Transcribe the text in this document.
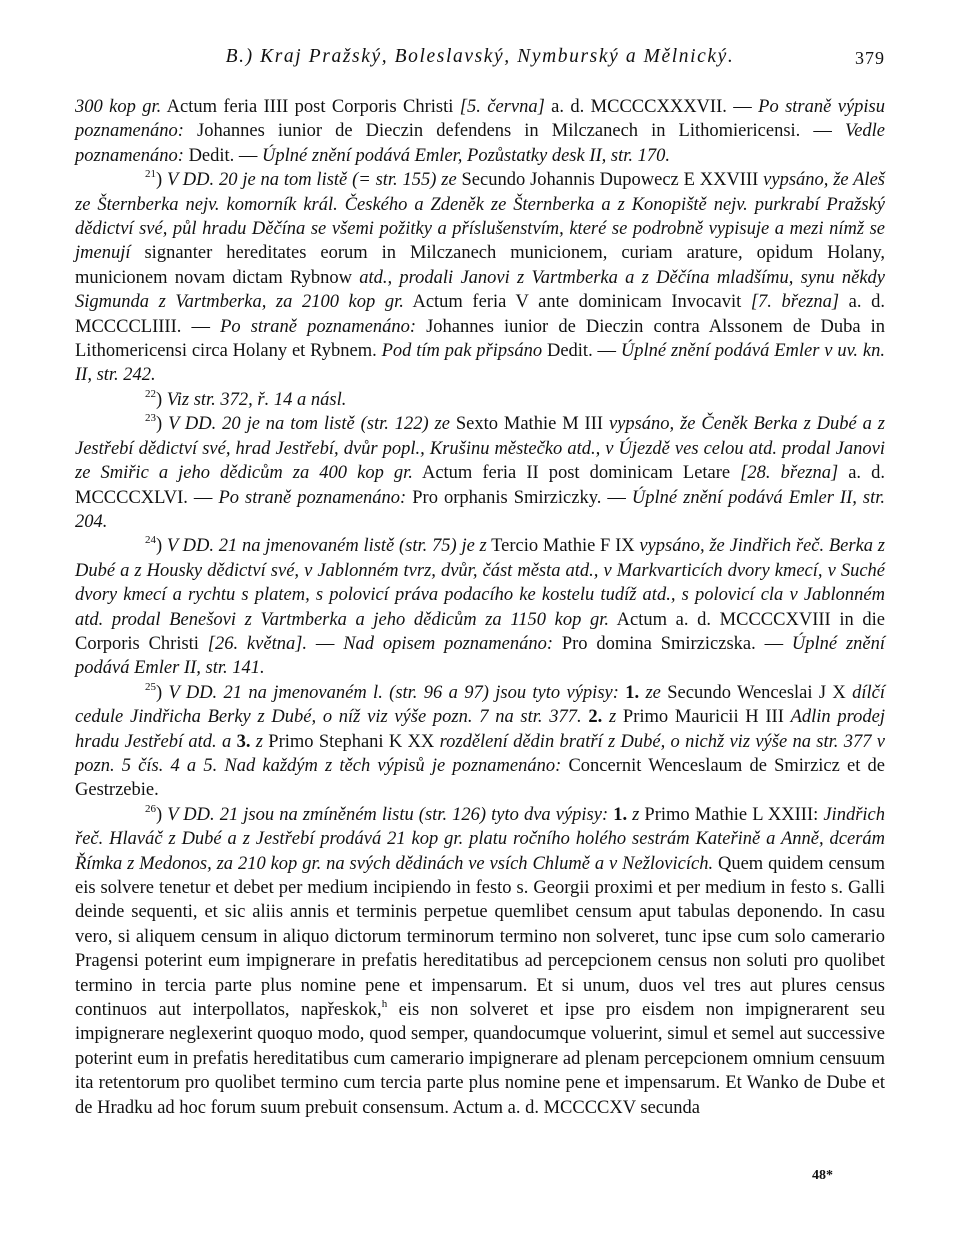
B.) Kraj Pražský, Boleslavský, Nymburský a Mělnický.	379

300 kop gr. Actum feria IIII post Corporis Christi [5. června] a. d. MCCCCXXXVII. — Po straně výpisu poznamenáno: Johannes iunior de Dieczin defendens in Milczanech in Lithomiericensi. — Vedle poznamenáno: Dedit. — Úplné znění podává Emler, Pozůstatky desk II, str. 170.

$^{21}$) V DD. 20 je na tom listě (= str. 155) ze Secundo Johannis Dupowecz E XXVIII vypsáno, že Aleš ze Šternberka nejv. komorník král. Českého a Zdeněk ze Šternberka a z Konopiště nejv. purkrabí Pražský dědictví své, půl hradu Děčína se všemi požitky a příslušenstvím, které se podrobně vypisuje a mezi nímž se jmenují signanter hereditates eorum in Milczanech municionem, curiam arature, opidum Holany, municionem novam dictam Rybnow atd., prodali Janovi z Vartmberka a z Děčína mladšímu, synu někdy Sigmunda z Vartmberka, za 2100 kop gr. Actum feria V ante dominicam Invocavit [7. března] a. d. MCCCCLIIII. — Po straně poznamenáno: Johannes iunior de Dieczin contra Alssonem de Duba in Lithomericensi circa Holany et Rybnem. Pod tím pak připsáno Dedit. — Úplné znění podává Emler v uv. kn. II, str. 242.

$^{22}$) Viz str. 372, ř. 14 a násl.

$^{23}$) V DD. 20 je na tom listě (str. 122) ze Sexto Mathie M III vypsáno, že Čeněk Berka z Dubé a z Jestřebí dědictví své, hrad Jestřebí, dvůr popl., Krušinu městečko atd., v Újezdě ves celou atd. prodal Janovi ze Smiřic a jeho dědicům za 400 kop gr. Actum feria II post dominicam Letare [28. března] a. d. MCCCCXLVI. — Po straně poznamenáno: Pro orphanis Smirziczky. — Úplné znění podává Emler II, str. 204.

$^{24}$) V DD. 21 na jmenovaném listě (str. 75) je z Tercio Mathie F IX vypsáno, že Jindřich řeč. Berka z Dubé a z Housky dědictví své, v Jablonném tvrz, dvůr, část města atd., v Markvarticích dvory kmecí, v Suché dvory kmecí a rychtu s platem, s polovicí práva podacího ke kostelu tudíž atd., s polovicí cla v Jablonném atd. prodal Benešovi z Vartmberka a jeho dědicům za 1150 kop gr. Actum a. d. MCCCCXVIII in die Corporis Christi [26. května]. — Nad opisem poznamenáno: Pro domina Smirziczska. — Úplné znění podává Emler II, str. 141.

$^{25}$) V DD. 21 na jmenovaném l. (str. 96 a 97) jsou tyto výpisy: 1. ze Secundo Wenceslai J X dílčí cedule Jindřicha Berky z Dubé, o níž viz výše pozn. 7 na str. 377. 2. z Primo Mauricii H III Adlin prodej hradu Jestřebí atd. a 3. z Primo Stephani K XX rozdělení dědin bratří z Dubé, o nichž viz výše na str. 377 v pozn. 5 čís. 4 a 5. Nad každým z těch výpisů je poznamenáno: Concernit Wenceslaum de Smirzicz et de Gestrzebie.

$^{26}$) V DD. 21 jsou na zmíněném listu (str. 126) tyto dva výpisy: 1. z Primo Mathie L XXIII: Jindřich řeč. Hlaváč z Dubé a z Jestřebí prodává 21 kop gr. platu ročního holého sestrám Kateřině a Anně, dcerám Římka z Medonos, za 210 kop gr. na svých dědinách ve vsích Chlumě a v Nežlovicích. Quem quidem censum eis solvere tenetur et debet per medium incipiendo in festo s. Georgii proximi et per medium in festo s. Galli deinde sequenti, et sic aliis annis et terminis perpetue quemlibet censum aput tabulas deponendo. In casu vero, si aliquem censum in aliquo dictorum terminorum termino non solveret, tunc ipse cum solo camerario Pragensi poterint eum impignerare in prefatis hereditatibus ad percepcionem census non soluti pro quolibet termino in tercia parte plus nomine pene et impensarum. Et si unum, duos vel tres aut plures census continuos aut interpollatos, napřeskok,$^h$ eis non solveret et ipse pro eisdem non impignerarent seu impignerare neglexerint quoquo modo, quod semper, quandocumque voluerint, simul et semel aut successive poterint eum in prefatis hereditatibus cum camerario impignerare ad plenam percepcionem omnium censuum ita retentorum pro quolibet termino cum tercia parte plus nomine pene et impensarum. Et Wanko de Dube et de Hradku ad hoc forum suum prebuit consensum. Actum a. d. MCCCCXV secunda

48*
